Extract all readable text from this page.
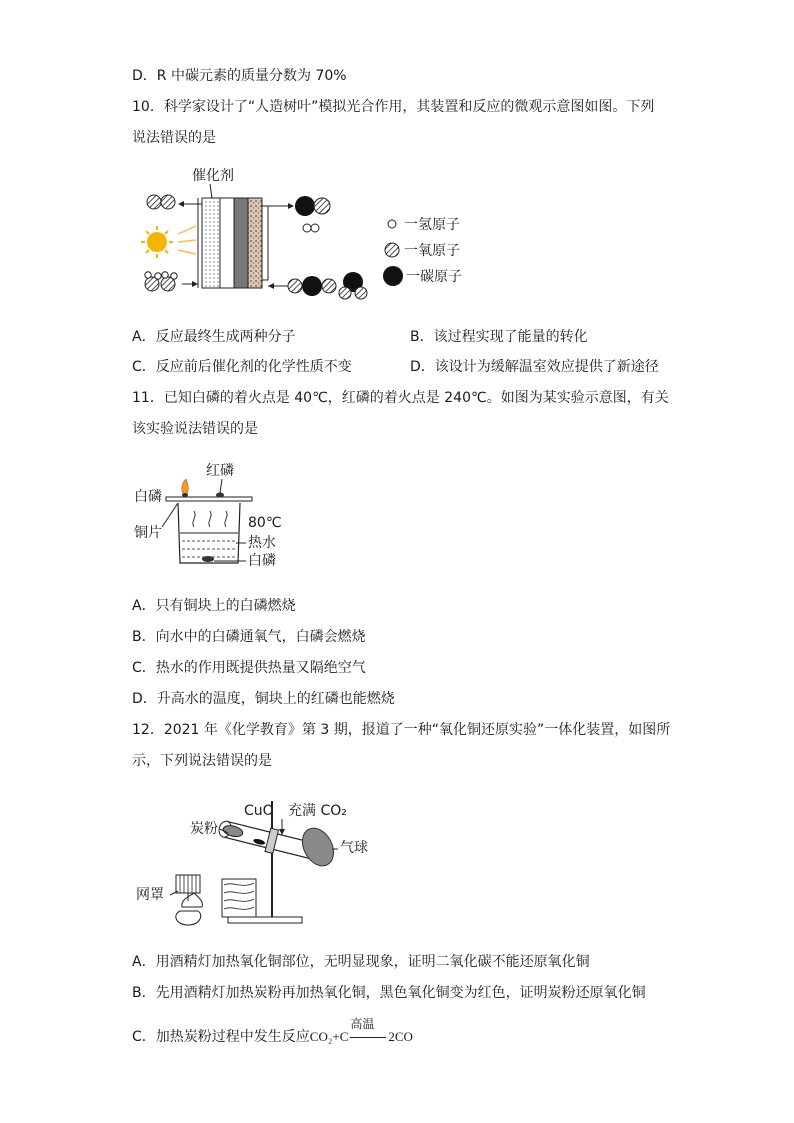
D．R 中碳元素的质量分数为 70%
10．科学家设计了“人造树叶”模拟光合作用，其装置和反应的微观示意图如图。下列
说法错误的是
催化剂
一氢原子
一氧原子
一碳原子
A．反应最终生成两种分子	B．该过程实现了能量的转化
C．反应前后催化剂的化学性质不变	D．该设计为缓解温室效应提供了新途径
11．已知白磷的着火点是 40℃，红磷的着火点是 240℃。如图为某实验示意图，有关
该实验说法错误的是
红磷
白磷
铜片
80℃
热水
白磷
A．只有铜块上的白磷燃烧
B．向水中的白磷通氧气，白磷会燃烧
C．热水的作用既提供热量又隔绝空气
D．升高水的温度，铜块上的红磷也能燃烧
12．2021 年《化学教育》第 3 期，报道了一种“氧化铜还原实验”一体化装置，如图所
示，下列说法错误的是
CuO 充满 CO₂
炭粉
气球
网罩
A．用酒精灯加热氧化铜部位，无明显现象，证明二氧化碳不能还原氧化铜
B．先用酒精灯加热炭粉再加热氧化铜，黑色氧化铜变为红色，证明炭粉还原氧化铜
C．加热炭粉过程中发生反应CO₂+C
高温
2CO
